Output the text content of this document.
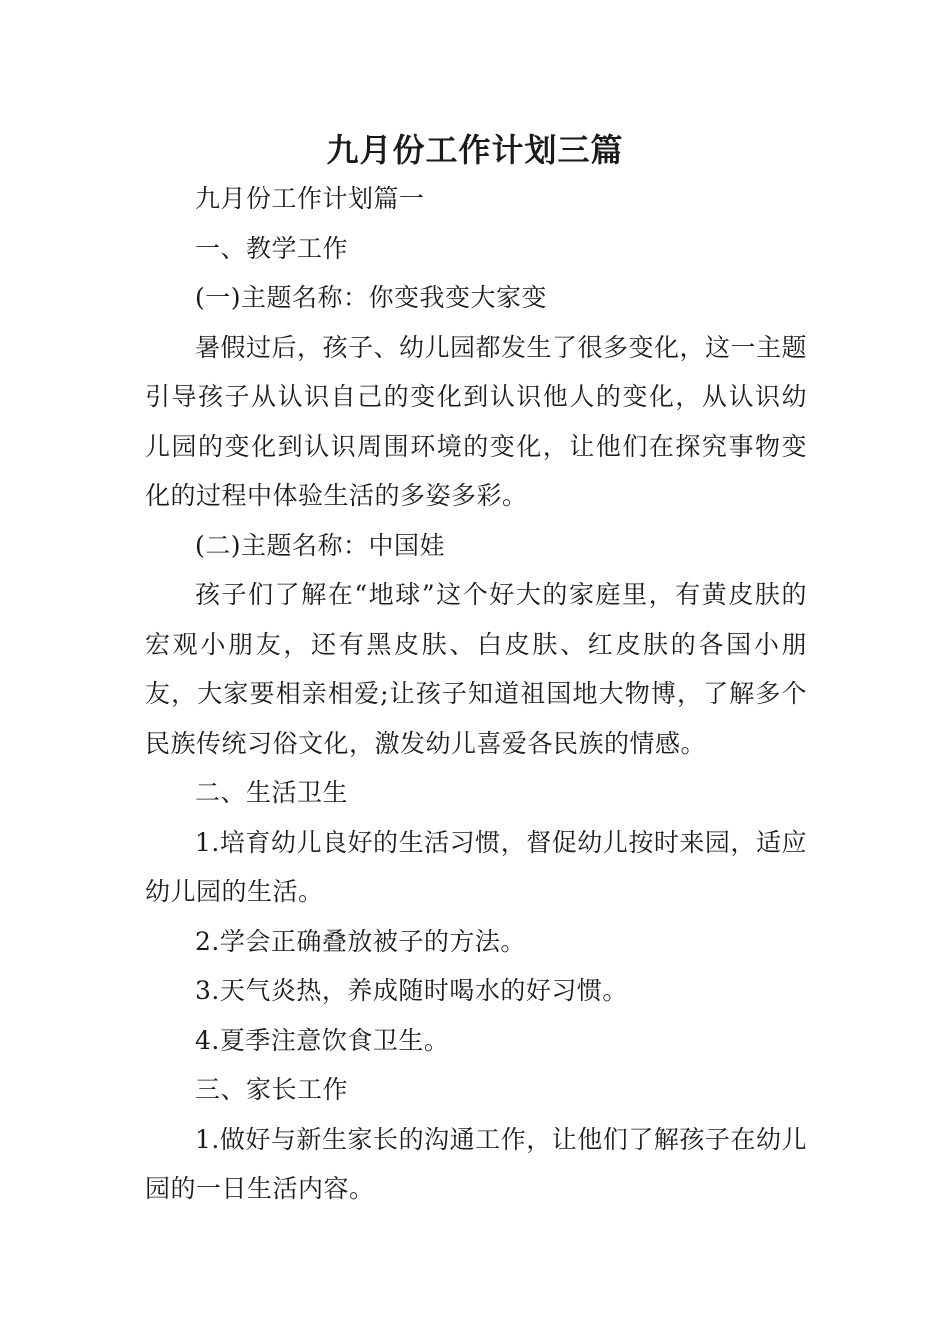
九月份工作计划三篇

九月份工作计划篇一

一、教学工作

(一)主题名称：你变我变大家变

暑假过后，孩子、幼儿园都发生了很多变化，这一主题引导孩子从认识自己的变化到认识他人的变化，从认识幼儿园的变化到认识周围环境的变化，让他们在探究事物变化的过程中体验生活的多姿多彩。

(二)主题名称：中国娃

孩子们了解在“地球”这个好大的家庭里，有黄皮肤的宏观小朋友，还有黑皮肤、白皮肤、红皮肤的各国小朋友，大家要相亲相爱;让孩子知道祖国地大物博，了解多个民族传统习俗文化，激发幼儿喜爱各民族的情感。

二、生活卫生

1.培育幼儿良好的生活习惯，督促幼儿按时来园，适应幼儿园的生活。

2.学会正确叠放被子的方法。

3.天气炎热，养成随时喝水的好习惯。

4.夏季注意饮食卫生。

三、家长工作

1.做好与新生家长的沟通工作，让他们了解孩子在幼儿园的一日生活内容。
